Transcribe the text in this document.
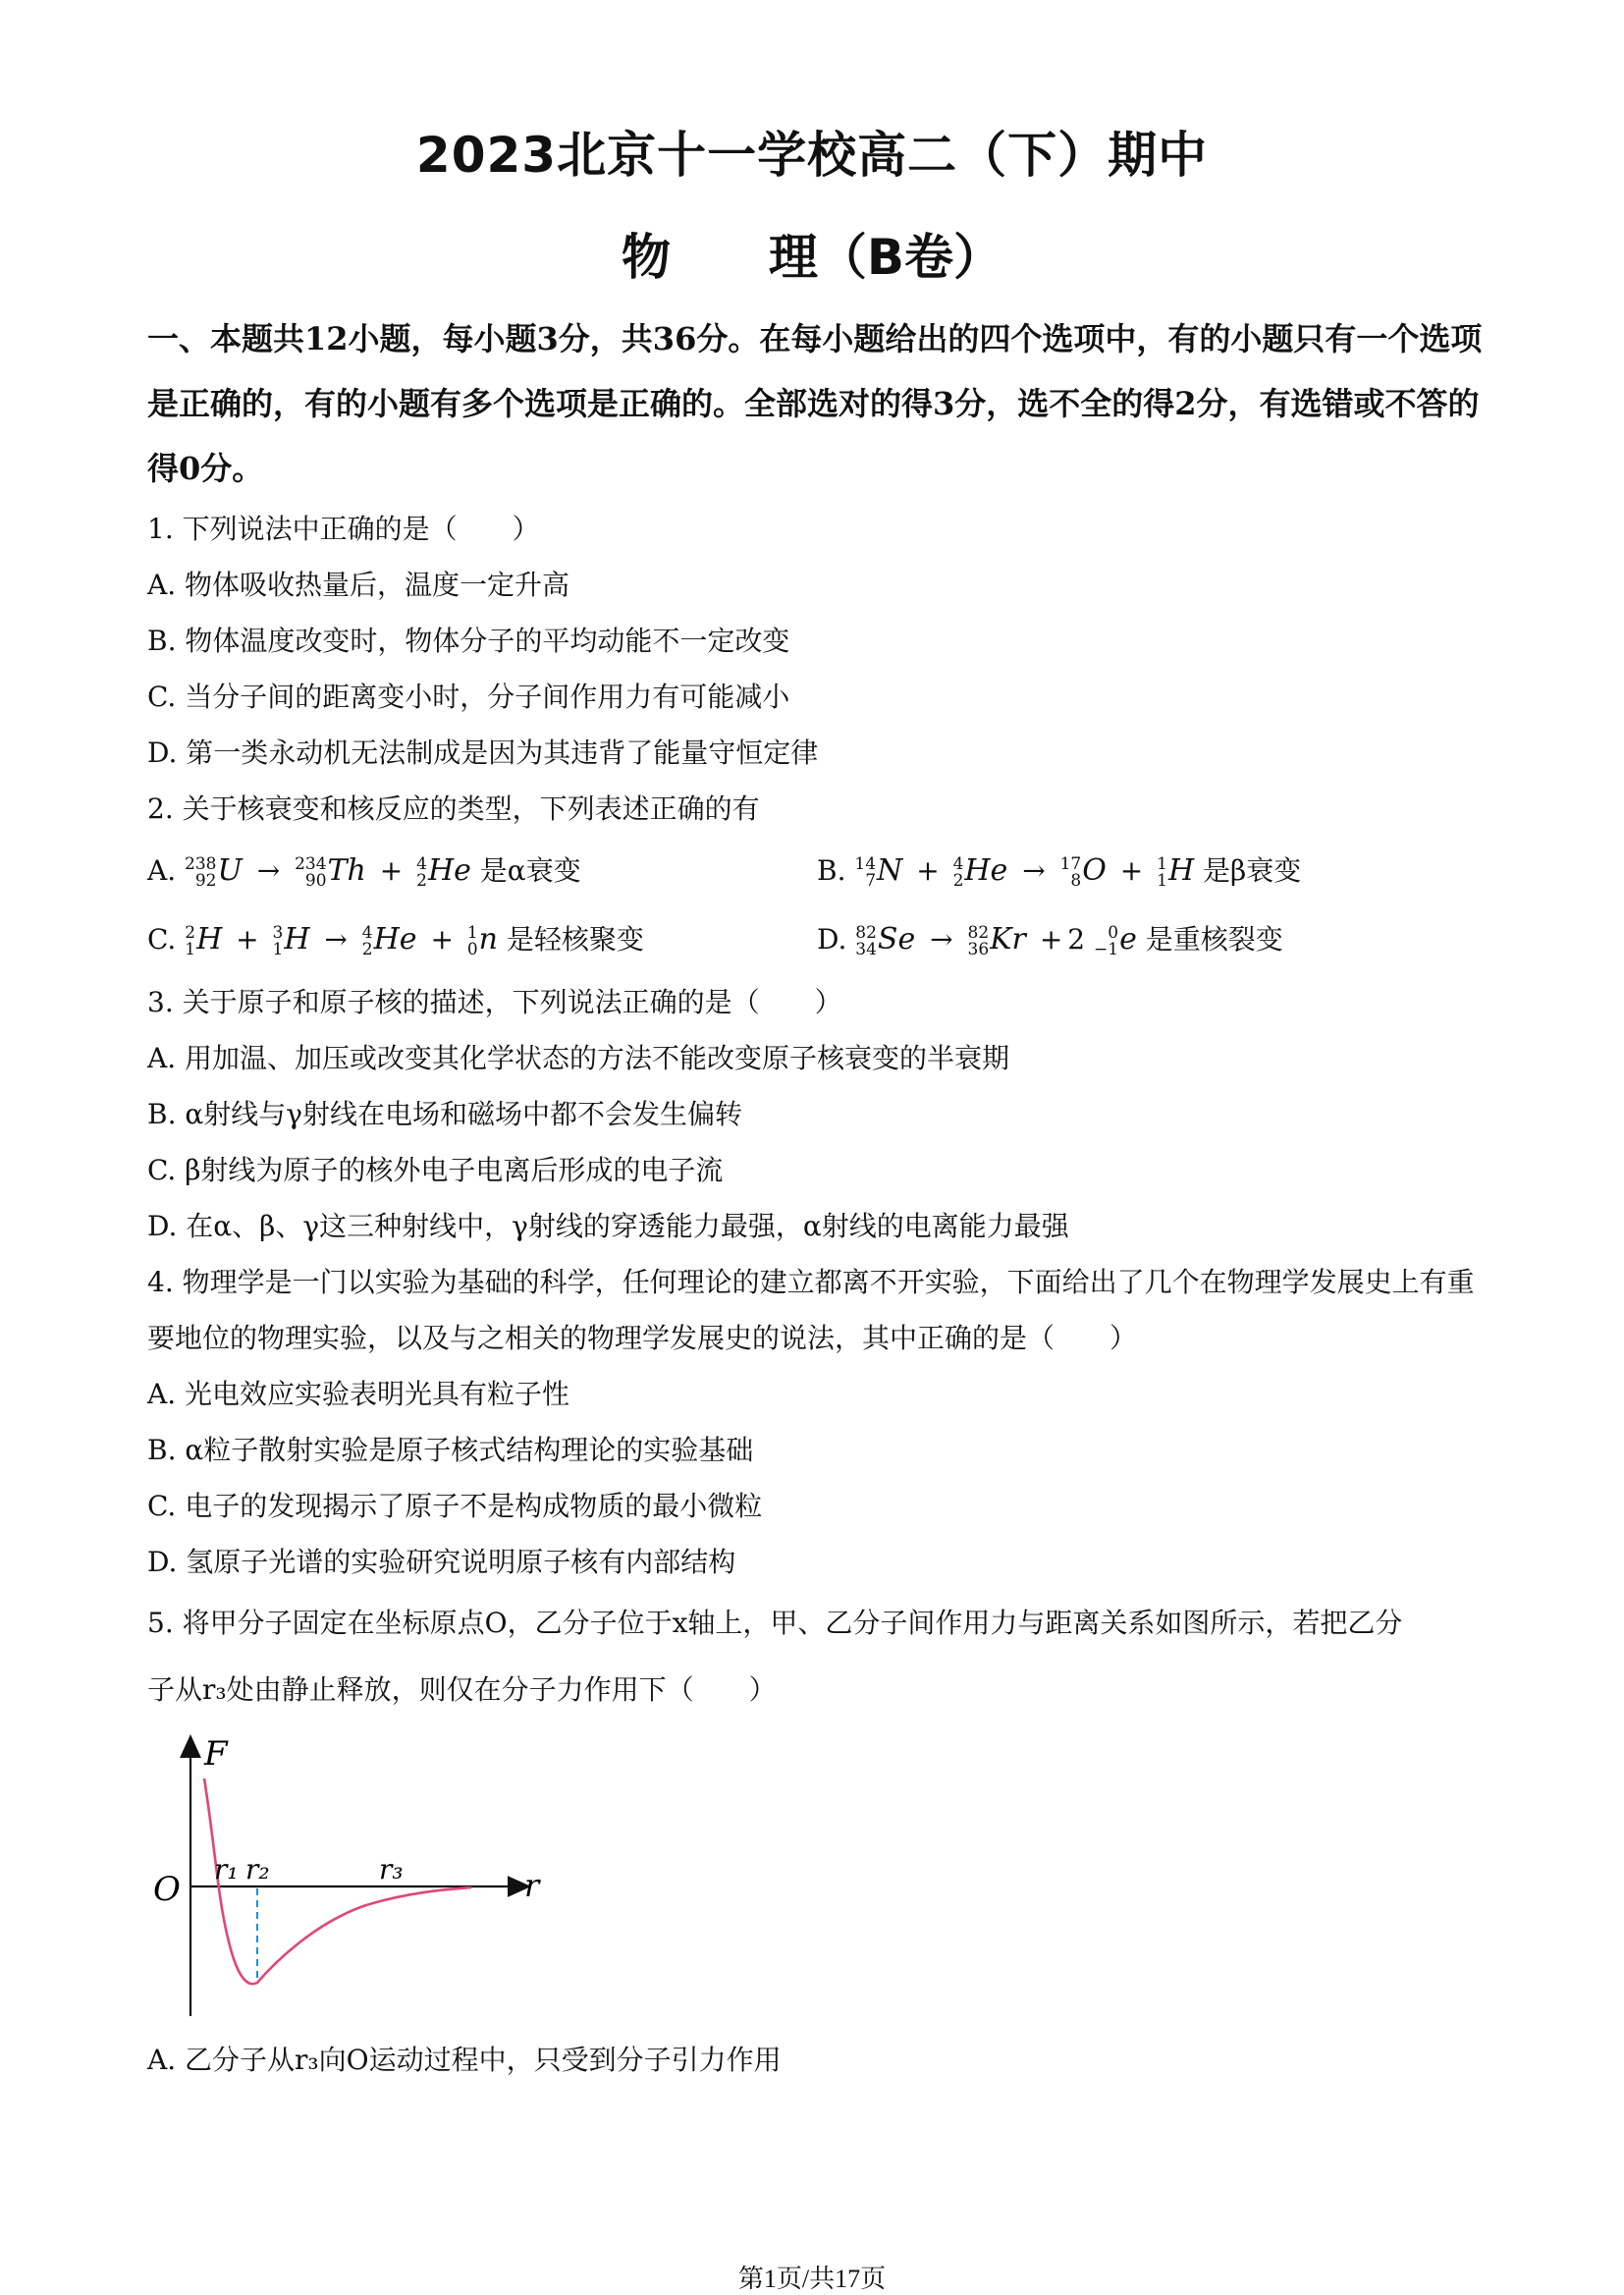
2023北京十一学校高二（下）期中
物　　理（B卷）
一、本题共12小题，每小题3分，共36分。在每小题给出的四个选项中，有的小题只有一个选项是正确的，有的小题有多个选项是正确的。全部选对的得3分，选不全的得2分，有选错或不答的得0分。
1. 下列说法中正确的是（　　）
A. 物体吸收热量后，温度一定升高
B. 物体温度改变时，物体分子的平均动能不一定改变
C. 当分子间的距离变小时，分子间作用力有可能减小
D. 第一类永动机无法制成是因为其违背了能量守恒定律
2. 关于核衰变和核反应的类型，下列表述正确的有
A. 238
92 U → 234
90 Th + 4
2 He 是α衰变	B. 14
7 N + 4
2 He → 17
8 O + 1
1 H 是β衰变
C. 2
1 H + 3
1 H → 4
2 He + 1
0 n 是轻核聚变	D. 82
34 Se → 82
36 Kr + 2	0
−1 e 是重核裂变
3. 关于原子和原子核的描述，下列说法正确的是（　　）
A. 用加温、加压或改变其化学状态的方法不能改变原子核衰变的半衰期
B. α射线与γ射线在电场和磁场中都不会发生偏转
C. β射线为原子的核外电子电离后形成的电子流
D. 在α、β、γ这三种射线中，γ射线的穿透能力最强，α射线的电离能力最强
4. 物理学是一门以实验为基础的科学，任何理论的建立都离不开实验，下面给出了几个在物理学发展史上有重要地位的物理实验，以及与之相关的物理学发展史的说法，其中正确的是（　　）
A. 光电效应实验表明光具有粒子性
B. α粒子散射实验是原子核式结构理论的实验基础
C. 电子的发现揭示了原子不是构成物质的最小微粒
D. 氢原子光谱的实验研究说明原子核有内部结构
5. 将甲分子固定在坐标原点O，乙分子位于x轴上，甲、乙分子间作用力与距离关系如图所示，若把乙分
子从r₃处由静止释放，则仅在分子力作用下（　　）
F
r
O
r₁ r₂	r₃
A. 乙分子从r₃向O运动过程中，只受到分子引力作用
第1页/共17页
